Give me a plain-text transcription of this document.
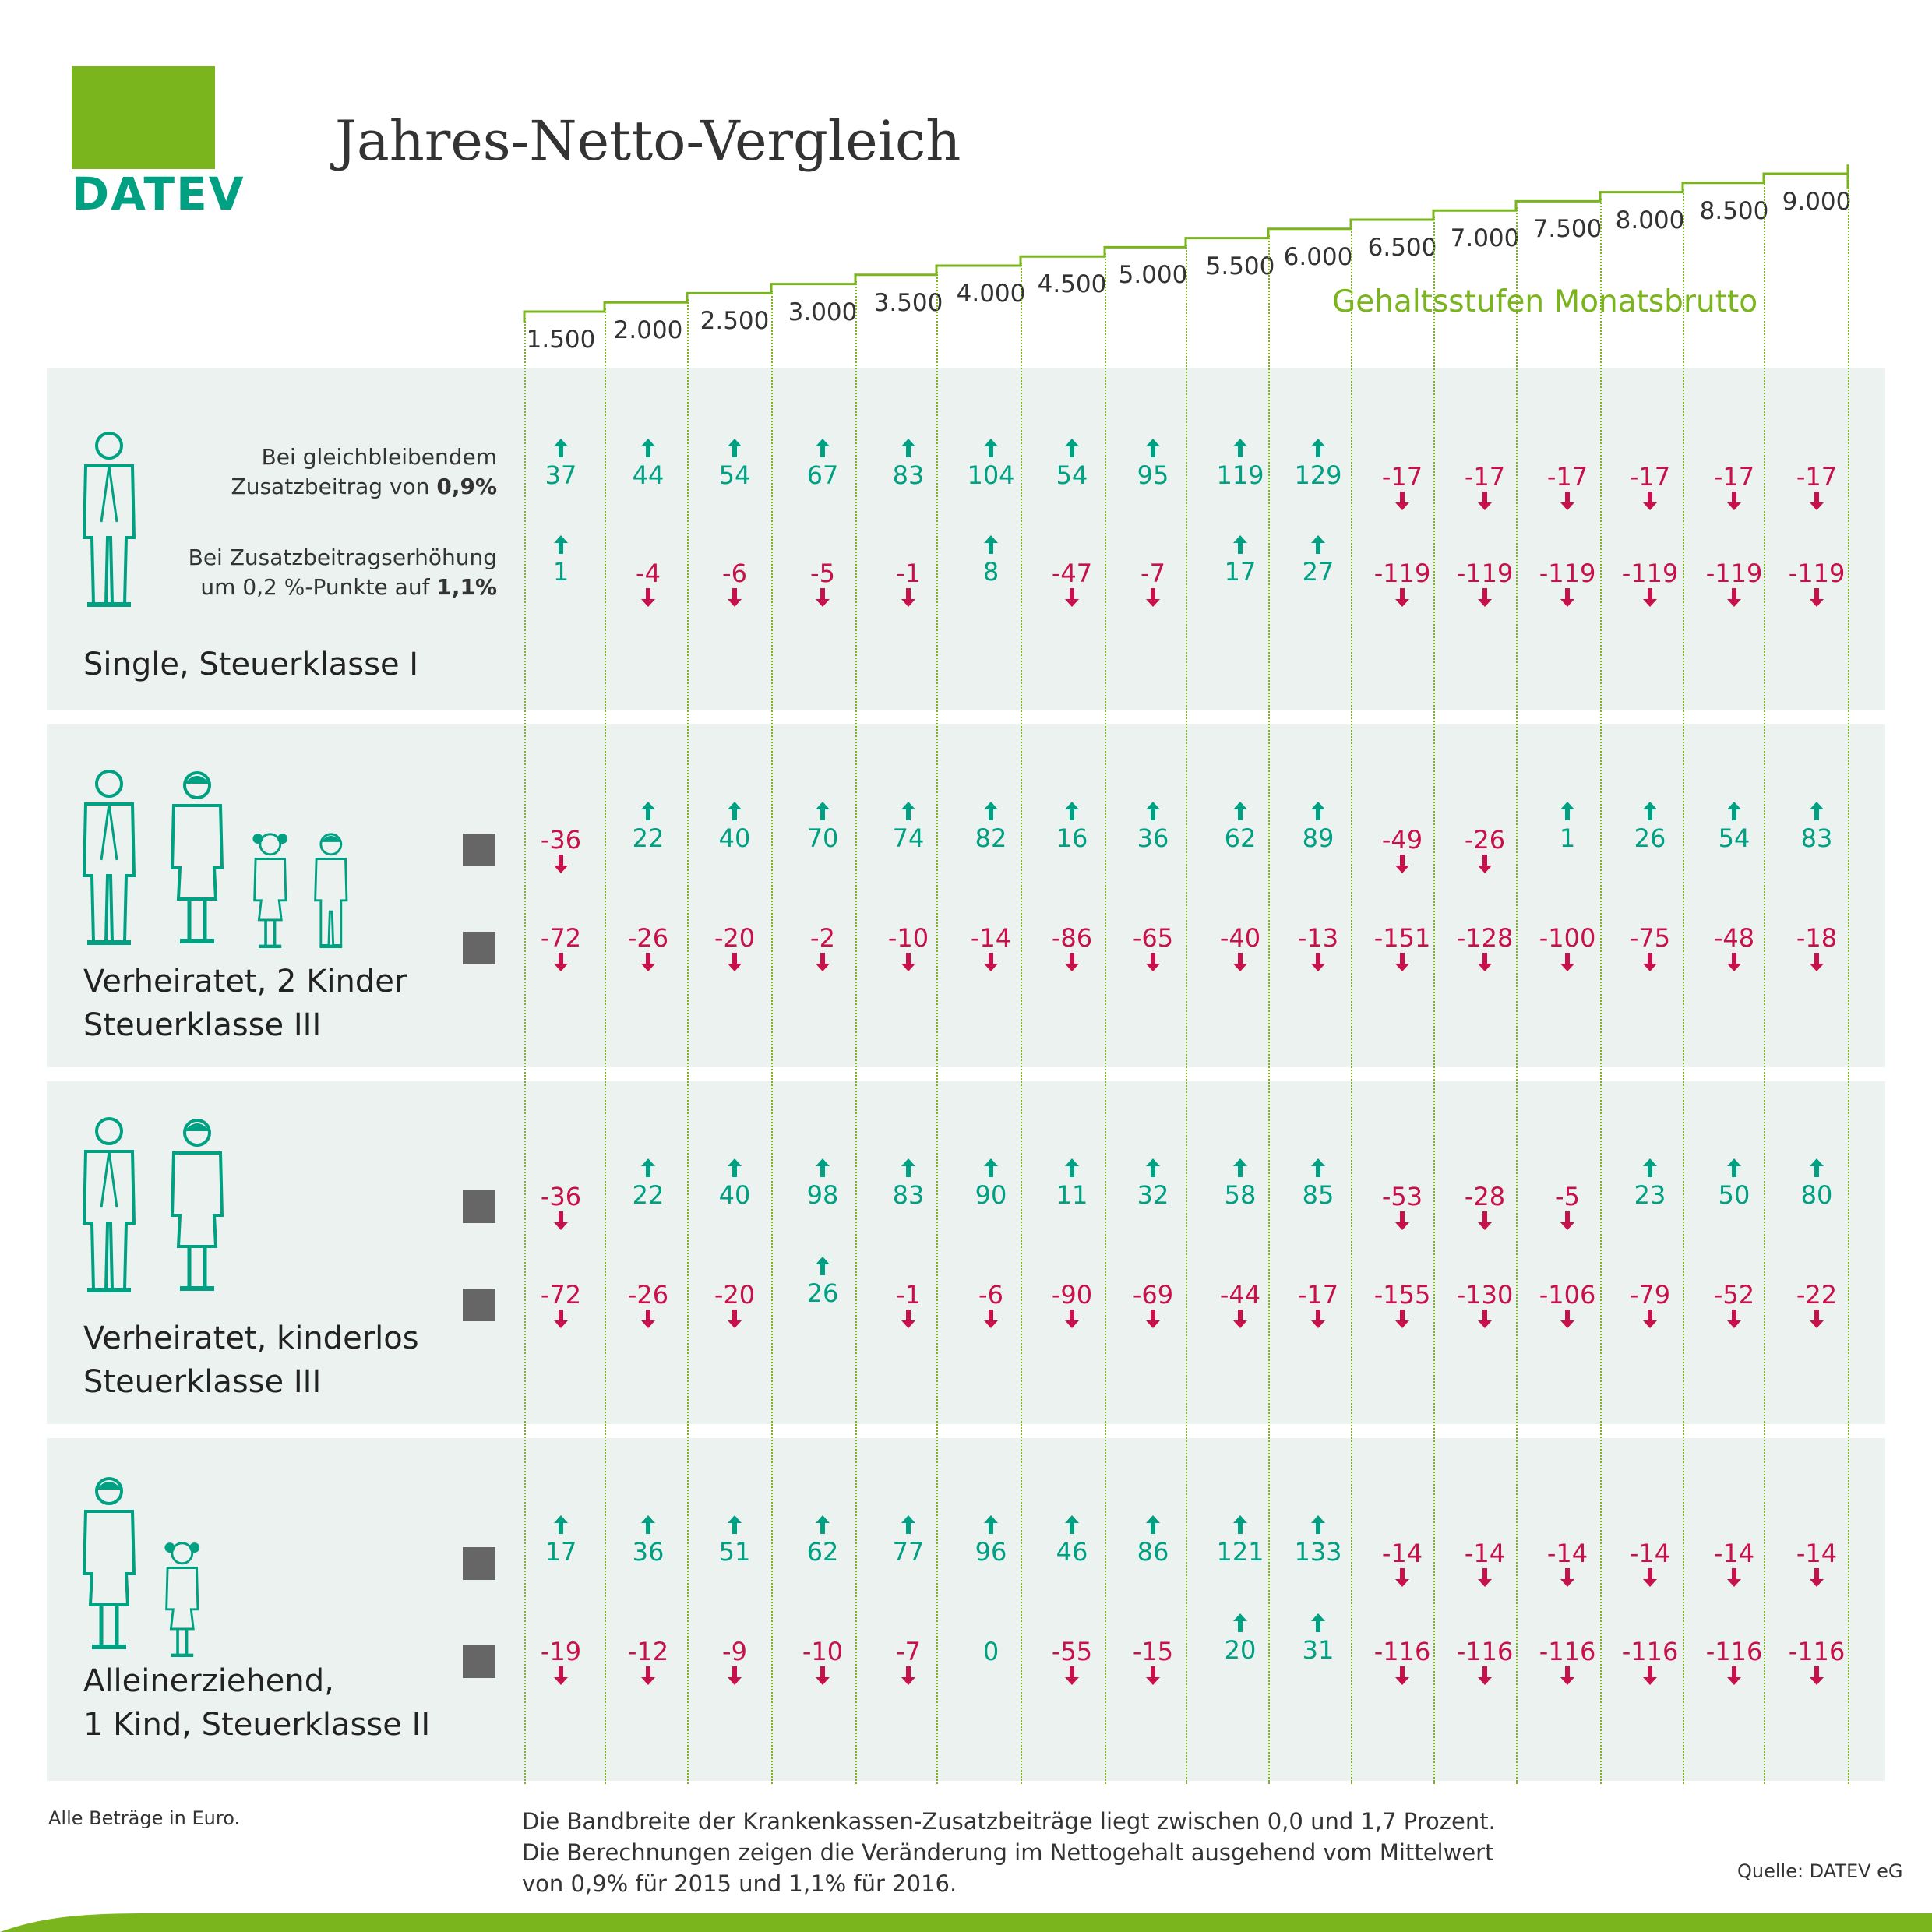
DATEV
Jahres-Netto-Vergleich
1.500 2.000 2.500 3.000 3.500 4.000 4.500 5.000 5.500 6.000 6.500 7.000 7.500 8.000 8.500 9.000
Gehaltsstufen Monatsbrutto
Bei gleichbleibendem
Zusatzbeitrag von 0,9%
Bei Zusatzbeitragserhöhung
um 0,2 %-Punkte auf 1,1%
Single, Steuerklasse I
37	44	54	67	83	104	54	95	119	129	-17	-17	-17	-17	-17	-17
1	-4	-6	-5	-1	8	-47	-7	17	27	-119 -119 -119 -119 -119 -119
Verheiratet, 2 Kinder
Steuerklasse III
-36	22	40	70	74	82	16	36	62	89	-49	-26	1	26	54	83
-72	-26	-20	-2	-10	-14	-86	-65	-40	-13	-151 -128 -100	-75	-48	-18
Verheiratet, kinderlos
Steuerklasse III
-36	22	40	98	83	90	11	32	58	85	-53	-28	-5	23	50	80
-72	-26	-20	26	-1	-6	-90	-69	-44	-17	-155 -130 -106	-79	-52	-22
Alleinerziehend,
1 Kind, Steuerklasse II
17	36	51	62	77	96	46	86	121	133	-14	-14	-14	-14	-14	-14
-19	-12	-9	-10	-7	0	-55	-15	20	31	-116 -116 -116 -116 -116 -116
Alle Beträge in Euro.	Die Bandbreite der Krankenkassen-Zusatzbeiträge liegt zwischen 0,0 und 1,7 Prozent.
Die Berechnungen zeigen die Veränderung im Nettogehalt ausgehend vom Mittelwert
von 0,9% für 2015 und 1,1% für 2016.	Quelle: DATEV eG
